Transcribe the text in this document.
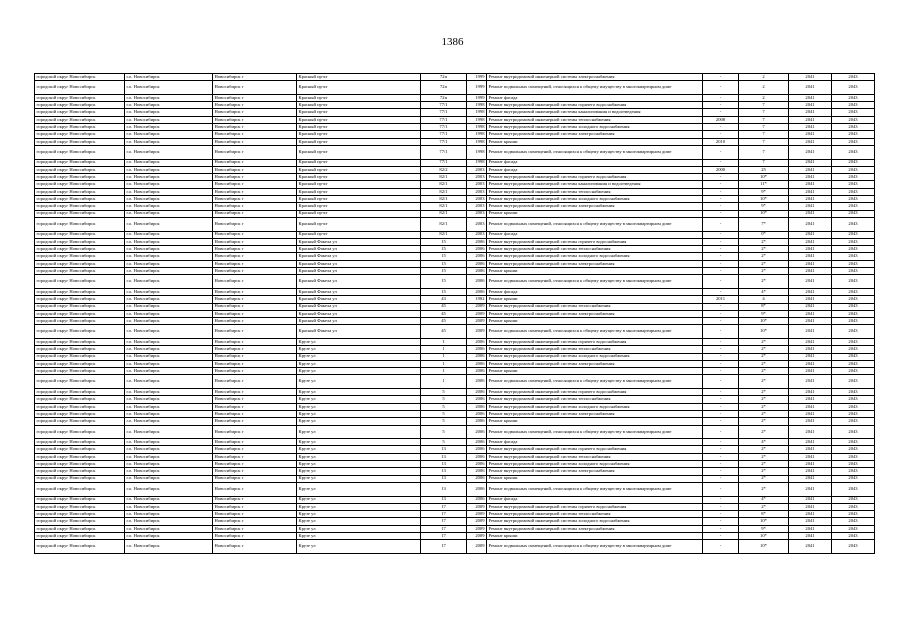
1386
городской округ Новосибирск	г.о. Новосибирск	Новосибирск г	Красный пр-кт	72п	1999	Ремонт внутридомовой инженерной системы электроснабжения	-	2	2041	2043
городской округ Новосибирск	г.о. Новосибирск	Новосибирск г	Красный пр-кт	72п	1999	Ремонт подвальных помещений, относящихся к общему имуществу в многоквартирном доме	-	2	2041	2043
городской округ Новосибирск	г.о. Новосибирск	Новосибирск г	Красный пр-кт	72п	1999	Ремонт фасада	-	2	2041	2043
городской округ Новосибирск	г.о. Новосибирск	Новосибирск г	Красный пр-кт	77/1	1998	Ремонт внутридомовой инженерной системы горячего водоснабжения	-	7	2041	2043
городской округ Новосибирск	г.о. Новосибирск	Новосибирск г	Красный пр-кт	77/1	1998	Ремонт внутридомовой инженерной системы канализования и водоотведения	-	7	2041	2043
городской округ Новосибирск	г.о. Новосибирск	Новосибирск г	Красный пр-кт	77/1	1998	Ремонт внутридомовой инженерной системы теплоснабжения	2008	7	2041	2043
городской округ Новосибирск	г.о. Новосибирск	Новосибирск г	Красный пр-кт	77/1	1998	Ремонт внутридомовой инженерной системы холодного водоснабжения	-	7	2041	2043
городской округ Новосибирск	г.о. Новосибирск	Новосибирск г	Красный пр-кт	77/1	1998	Ремонт внутридомовой инженерной системы электроснабжения	-	7	2041	2043
городской округ Новосибирск	г.о. Новосибирск	Новосибирск г	Красный пр-кт	77/1	1998	Ремонт крыши	2010	7	2041	2043
городской округ Новосибирск	г.о. Новосибирск	Новосибирск г	Красный пр-кт	77/1	1998	Ремонт подвальных помещений, относящихся к общему имуществу в многоквартирном доме	-	7	2041	2043
городской округ Новосибирск	г.о. Новосибирск	Новосибирск г	Красный пр-кт	77/1	1998	Ремонт фасада	-	7	2041	2043
городской округ Новосибирск	г.о. Новосибирск	Новосибирск г	Красный пр-кт	82/2	2003	Ремонт фасада	2000	25	2041	2043
городской округ Новосибирск	г.о. Новосибирск	Новосибирск г	Красный пр-кт	82/1	2003	Ремонт внутридомовой инженерной системы горячего водоснабжения	-	10*	2041	2043
городской округ Новосибирск	г.о. Новосибирск	Новосибирск г	Красный пр-кт	82/1	2003	Ремонт внутридомовой инженерной системы канализования и водоотведения	-	11*	2041	2043
городской округ Новосибирск	г.о. Новосибирск	Новосибирск г	Красный пр-кт	82/1	2003	Ремонт внутридомовой инженерной системы теплоснабжения	-	9*	2041	2043
городской округ Новосибирск	г.о. Новосибирск	Новосибирск г	Красный пр-кт	82/1	2003	Ремонт внутридомовой инженерной системы холодного водоснабжения	-	10*	2041	2043
городской округ Новосибирск	г.о. Новосибирск	Новосибирск г	Красный пр-кт	82/1	2003	Ремонт внутридомовой инженерной системы электроснабжения	-	9*	2041	2043
городской округ Новосибирск	г.о. Новосибирск	Новосибирск г	Красный пр-кт	82/1	2003	Ремонт крыши	-	10*	2041	2043
городской округ Новосибирск	г.о. Новосибирск	Новосибирск г	Красный пр-кт	82/1	2003	Ремонт подвальных помещений, относящихся к общему имуществу в многоквартирном доме	-	7*	2041	2043
городской округ Новосибирск	г.о. Новосибирск	Новосибирск г	Красный пр-кт	82/1	2003	Ремонт фасада	-	0*	2041	2043
городской округ Новосибирск	г.о. Новосибирск	Новосибирск г	Красный Факела ул	15	2006	Ремонт внутридомовой инженерной системы горячего водоснабжения	-	2*	2041	2043
городской округ Новосибирск	г.о. Новосибирск	Новосибирск г	Красный Факела ул	15	2006	Ремонт внутридомовой инженерной системы теплоснабжения	-	2*	2041	2043
городской округ Новосибирск	г.о. Новосибирск	Новосибирск г	Красный Факела ул	15	2006	Ремонт внутридомовой инженерной системы холодного водоснабжения	-	2*	2041	2043
городской округ Новосибирск	г.о. Новосибирск	Новосибирск г	Красный Факела ул	15	2006	Ремонт внутридомовой инженерной системы электроснабжения	-	2*	2041	2043
городской округ Новосибирск	г.о. Новосибирск	Новосибирск г	Красный Факела ул	15	2006	Ремонт крыши	-	2*	2041	2043
городской округ Новосибирск	г.о. Новосибирск	Новосибирск г	Красный Факела ул	15	2006	Ремонт подвальных помещений, относящихся к общему имуществу в многоквартирном доме	-	2*	2041	2043
городской округ Новосибирск	г.о. Новосибирск	Новосибирск г	Красный Факела ул	15	2006	Ремонт фасада	-	4*	2041	2043
городской округ Новосибирск	г.о. Новосибирск	Новосибирск г	Красный Факела ул	43	1982	Ремонт крыши	2011	4	2041	2043
городской округ Новосибирск	г.о. Новосибирск	Новосибирск г	Красный Факела ул	45	2009	Ремонт внутридомовой инженерной системы теплоснабжения	-	8*	2041	2043
городской округ Новосибирск	г.о. Новосибирск	Новосибирск г	Красный Факела ул	45	2009	Ремонт внутридомовой инженерной системы электроснабжения	-	9*	2041	2043
городской округ Новосибирск	г.о. Новосибирск	Новосибирск г	Красный Факела ул	45	2009	Ремонт крыши	-	10*	2041	2043
городской округ Новосибирск	г.о. Новосибирск	Новосибирск г	Красный Факела ул	45	2009	Ремонт подвальных помещений, относящихся к общему имуществу в многоквартирном доме	-	10*	2041	2043
городской округ Новосибирск	г.о. Новосибирск	Новосибирск г	Крузе ул	1	2006	Ремонт внутридомовой инженерной системы горячего водоснабжения	-	2*	2041	2043
городской округ Новосибирск	г.о. Новосибирск	Новосибирск г	Крузе ул	1	2006	Ремонт внутридомовой инженерной системы теплоснабжения	-	2*	2041	2043
городской округ Новосибирск	г.о. Новосибирск	Новосибирск г	Крузе ул	1	2006	Ремонт внутридомовой инженерной системы холодного водоснабжения	-	2*	2041	2043
городской округ Новосибирск	г.о. Новосибирск	Новосибирск г	Крузе ул	1	2006	Ремонт внутридомовой инженерной системы электроснабжения	-	2*	2041	2043
городской округ Новосибирск	г.о. Новосибирск	Новосибирск г	Крузе ул	1	2006	Ремонт крыши	-	2*	2041	2043
городской округ Новосибирск	г.о. Новосибирск	Новосибирск г	Крузе ул	1	2006	Ремонт подвальных помещений, относящихся к общему имуществу в многоквартирном доме	-	2*	2041	2043
городской округ Новосибирск	г.о. Новосибирск	Новосибирск г	Крузе ул	5	2006	Ремонт внутридомовой инженерной системы горячего водоснабжения	-	2*	2041	2043
городской округ Новосибирск	г.о. Новосибирск	Новосибирск г	Крузе ул	5	2006	Ремонт внутридомовой инженерной системы теплоснабжения	-	2*	2041	2043
городской округ Новосибирск	г.о. Новосибирск	Новосибирск г	Крузе ул	5	2006	Ремонт внутридомовой инженерной системы холодного водоснабжения	-	2*	2041	2043
городской округ Новосибирск	г.о. Новосибирск	Новосибирск г	Крузе ул	5	2006	Ремонт внутридомовой инженерной системы электроснабжения	-	2*	2041	2043
городской округ Новосибирск	г.о. Новосибирск	Новосибирск г	Крузе ул	5	2006	Ремонт крыши	-	2*	2041	2043
городской округ Новосибирск	г.о. Новосибирск	Новосибирск г	Крузе ул	5	2006	Ремонт подвальных помещений, относящихся к общему имуществу в многоквартирном доме	-	2*	2041	2043
городской округ Новосибирск	г.о. Новосибирск	Новосибирск г	Крузе ул	5	2006	Ремонт фасада	-	4*	2041	2043
городской округ Новосибирск	г.о. Новосибирск	Новосибирск г	Крузе ул	13	2006	Ремонт внутридомовой инженерной системы горячего водоснабжения	-	2*	2041	2043
городской округ Новосибирск	г.о. Новосибирск	Новосибирск г	Крузе ул	13	2006	Ремонт внутридомовой инженерной системы теплоснабжения	-	2*	2041	2043
городской округ Новосибирск	г.о. Новосибирск	Новосибирск г	Крузе ул	13	2006	Ремонт внутридомовой инженерной системы холодного водоснабжения	-	2*	2041	2043
городской округ Новосибирск	г.о. Новосибирск	Новосибирск г	Крузе ул	13	2006	Ремонт внутридомовой инженерной системы электроснабжения	-	2*	2041	2043
городской округ Новосибирск	г.о. Новосибирск	Новосибирск г	Крузе ул	13	2006	Ремонт крыши	-	2*	2041	2043
городской округ Новосибирск	г.о. Новосибирск	Новосибирск г	Крузе ул	13	2006	Ремонт подвальных помещений, относящихся к общему имуществу в многоквартирном доме	-	2*	2041	2043
городской округ Новосибирск	г.о. Новосибирск	Новосибирск г	Крузе ул	13	2006	Ремонт фасада	-	4*	2041	2043
городской округ Новосибирск	г.о. Новосибирск	Новосибирск г	Крузе ул	17	2009	Ремонт внутридомовой инженерной системы горячего водоснабжения	-	2*	2041	2043
городской округ Новосибирск	г.о. Новосибирск	Новосибирск г	Крузе ул	17	2009	Ремонт внутридомовой инженерной системы теплоснабжения	-	8*	2041	2043
городской округ Новосибирск	г.о. Новосибирск	Новосибирск г	Крузе ул	17	2009	Ремонт внутридомовой инженерной системы холодного водоснабжения	-	10*	2041	2043
городской округ Новосибирск	г.о. Новосибирск	Новосибирск г	Крузе ул	17	2009	Ремонт внутридомовой инженерной системы электроснабжения	-	9*	2041	2043
городской округ Новосибирск	г.о. Новосибирск	Новосибирск г	Крузе ул	17	2009	Ремонт крыши	-	10*	2041	2043
городской округ Новосибирск	г.о. Новосибирск	Новосибирск г	Крузе ул	17	2009	Ремонт подвальных помещений, относящихся к общему имуществу в многоквартирном доме	-	10*	2041	2043
